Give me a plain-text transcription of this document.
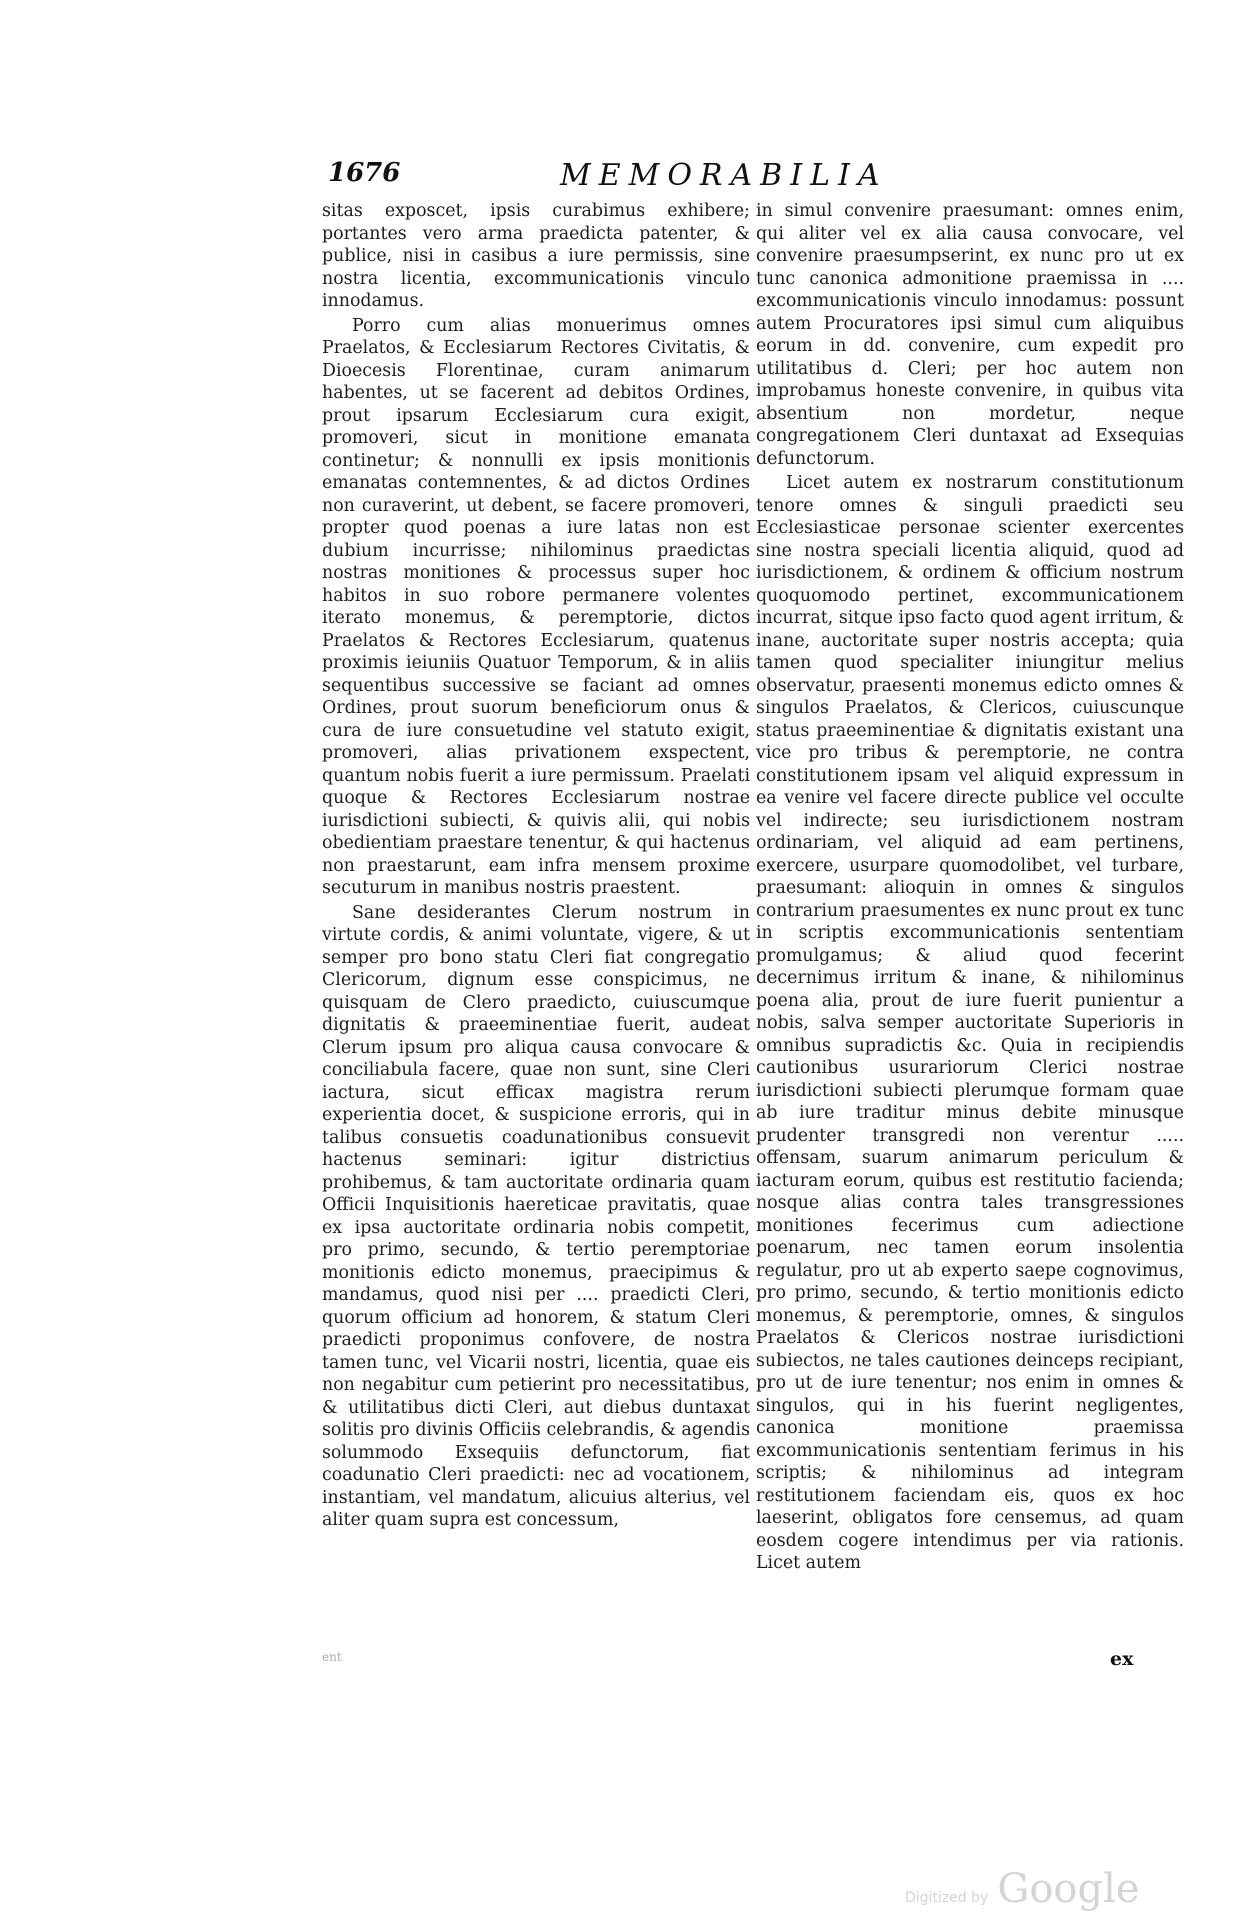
1676	MEMORABILIA

sitas exposcet, ipsis curabimus exhibere; portantes vero arma praedicta patenter, & publice, nisi in casibus a iure permissis, sine nostra licentia, excommunicationis vinculo innodamus.

Porro cum alias monuerimus omnes Praelatos, & Ecclesiarum Rectores Civitatis, & Dioecesis Florentinae, curam animarum habentes, ut se facerent ad debitos Ordines, prout ipsarum Ecclesiarum cura exigit, promoveri, sicut in monitione emanata continetur; & nonnulli ex ipsis monitionis emanatas contemnentes, & ad dictos Ordines non curaverint, ut debent, se facere promoveri, propter quod poenas a iure latas non est dubium incurrisse; nihilominus praedictas nostras monitiones & processus super hoc habitos in suo robore permanere volentes iterato monemus, & peremptorie, dictos Praelatos & Rectores Ecclesiarum, quatenus proximis ieiuniis Quatuor Temporum, & in aliis sequentibus successive se faciant ad omnes Ordines, prout suorum beneficiorum onus & cura de iure consuetudine vel statuto exigit, promoveri, alias privationem exspectent, quantum nobis fuerit a iure permissum. Praelati quoque & Rectores Ecclesiarum nostrae iurisdictioni subiecti, & quivis alii, qui nobis obedientiam praestare tenentur, & qui hactenus non praestarunt, eam infra mensem proxime secuturum in manibus nostris praestent.

Sane desiderantes Clerum nostrum in virtute cordis, & animi voluntate, vigere, & ut semper pro bono statu Cleri fiat congregatio Clericorum, dignum esse conspicimus, ne quisquam de Clero praedicto, cuiuscumque dignitatis & praeeminentiae fuerit, audeat Clerum ipsum pro aliqua causa convocare & conciliabula facere, quae non sunt, sine Cleri iactura, sicut efficax magistra rerum experientia docet, & suspicione erroris, qui in talibus consuetis coadunationibus consuevit hactenus seminari: igitur districtius prohibemus, & tam auctoritate ordinaria quam Officii Inquisitionis haereticae pravitatis, quae ex ipsa auctoritate ordinaria nobis competit, pro primo, secundo, & tertio peremptoriae monitionis edicto monemus, praecipimus & mandamus, quod nisi per .... praedicti Cleri, quorum officium ad honorem, & statum Cleri praedicti proponimus confovere, de nostra tamen tunc, vel Vicarii nostri, licentia, quae eis non negabitur cum petierint pro necessitatibus, & utilitatibus dicti Cleri, aut diebus duntaxat solitis pro divinis Officiis celebrandis, & agendis solummodo Exsequiis defunctorum, fiat coadunatio Cleri praedicti: nec ad vocationem, instantiam, vel mandatum, alicuius alterius, vel aliter quam supra est concessum,

in simul convenire praesumant: omnes enim, qui aliter vel ex alia causa convocare, vel convenire praesumpserint, ex nunc pro ut ex tunc canonica admonitione praemissa in .... excommunicationis vinculo innodamus: possunt autem Procuratores ipsi simul cum aliquibus eorum in dd. convenire, cum expedit pro utilitatibus d. Cleri; per hoc autem non improbamus honeste convenire, in quibus vita absentium non mordetur, neque congregationem Cleri duntaxat ad Exsequias defunctorum.

Licet autem ex nostrarum constitutionum tenore omnes & singuli praedicti seu Ecclesiasticae personae scienter exercentes sine nostra speciali licentia aliquid, quod ad iurisdictionem, & ordinem & officium nostrum quoquomodo pertinet, excommunicationem incurrat, sitque ipso facto quod agent irritum, & inane, auctoritate super nostris accepta; quia tamen quod specialiter iniungitur melius observatur, praesenti monemus edicto omnes & singulos Praelatos, & Clericos, cuiuscunque status praeeminentiae & dignitatis existant una vice pro tribus & peremptorie, ne contra constitutionem ipsam vel aliquid expressum in ea venire vel facere directe publice vel occulte vel indirecte; seu iurisdictionem nostram ordinariam, vel aliquid ad eam pertinens, exercere, usurpare quomodolibet, vel turbare, praesumant: alioquin in omnes & singulos contrarium praesumentes ex nunc prout ex tunc in scriptis excommunicationis sententiam promulgamus; & aliud quod fecerint decernimus irritum & inane, & nihilominus poena alia, prout de iure fuerit punientur a nobis, salva semper auctoritate Superioris in omnibus supradictis &c. Quia in recipiendis cautionibus usurariorum Clerici nostrae iurisdictioni subiecti plerumque formam quae ab iure traditur minus debite minusque prudenter transgredi non verentur ..... offensam, suarum animarum periculum & iacturam eorum, quibus est restitutio facienda; nosque alias contra tales transgressiones monitiones fecerimus cum adiectione poenarum, nec tamen eorum insolentia regulatur, pro ut ab experto saepe cognovimus, pro primo, secundo, & tertio monitionis edicto monemus, & peremptorie, omnes, & singulos Praelatos & Clericos nostrae iurisdictioni subiectos, ne tales cautiones deinceps recipiant, pro ut de iure tenentur; nos enim in omnes & singulos, qui in his fuerint negligentes, canonica monitione praemissa excommunicationis sententiam ferimus in his scriptis; & nihilominus ad integram restitutionem faciendam eis, quos ex hoc laeserint, obligatos fore censemus, ad quam eosdem cogere intendimus per via rationis. Licet autem

ent	ex
Digitized by Google
